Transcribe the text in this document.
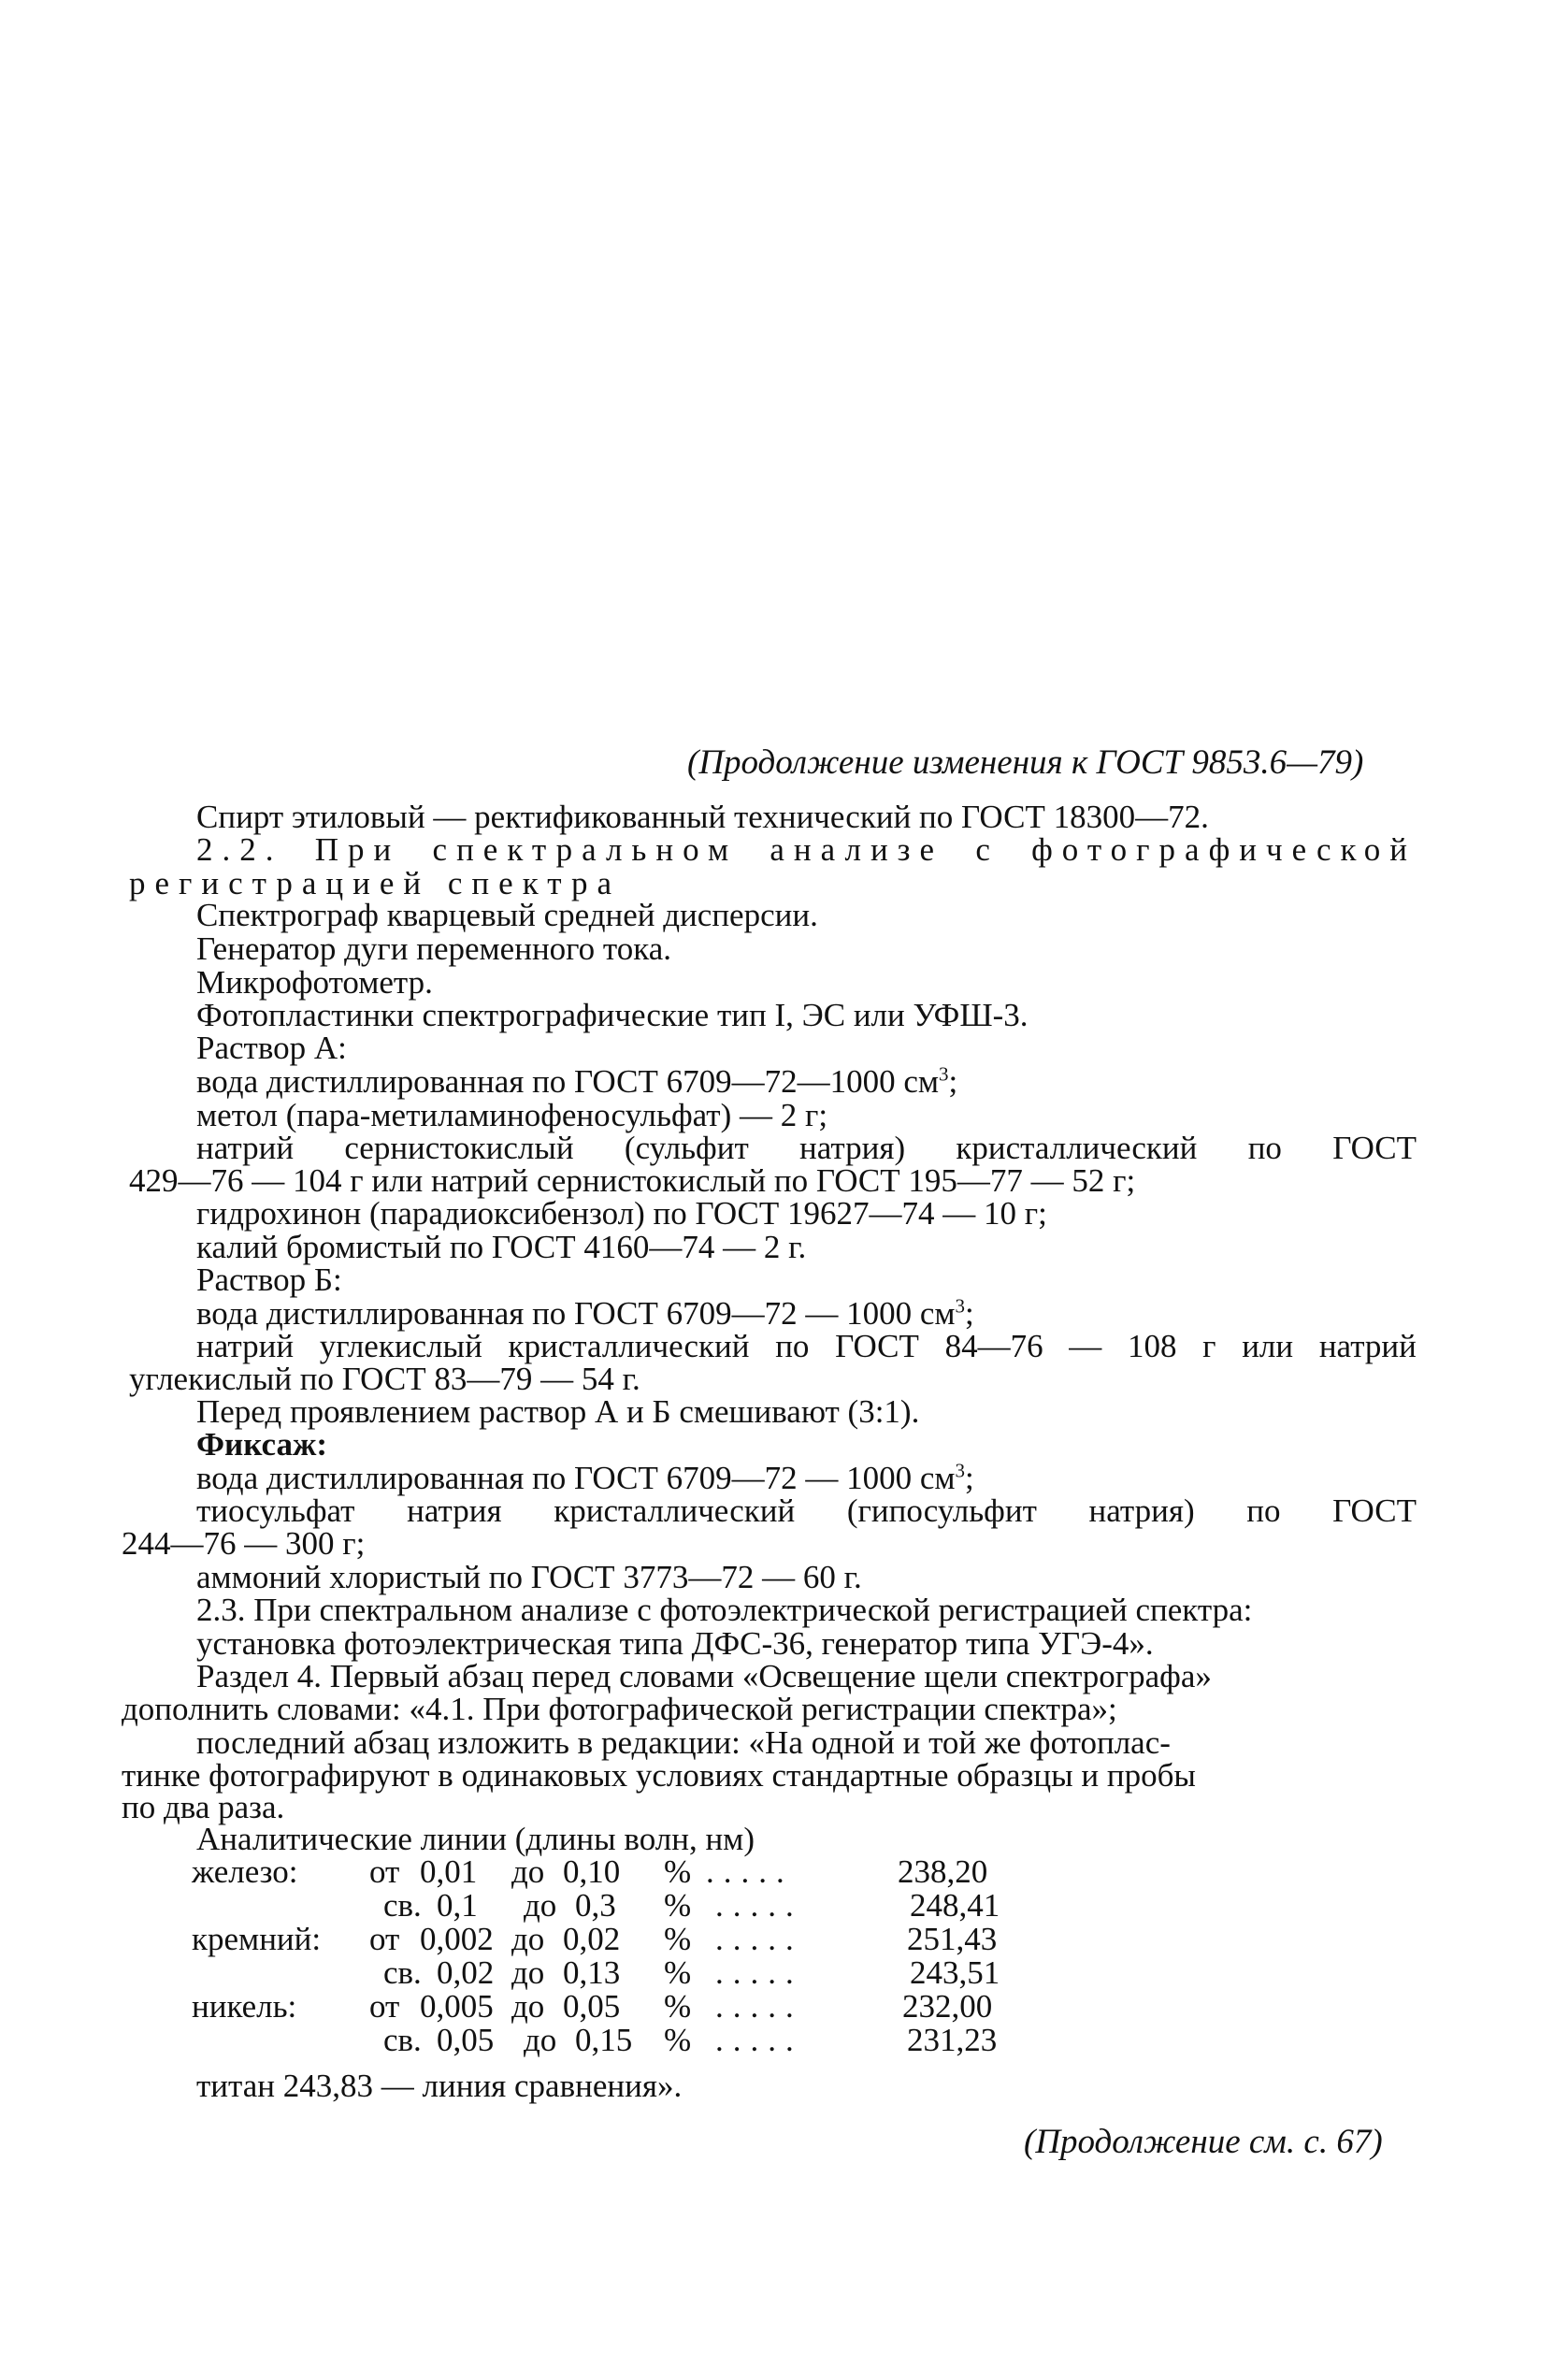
(Продолжение изменения к ГОСТ 9853.6—79)
Спирт этиловый — ректификованный технический по ГОСТ 18300—72.
2.2. При спектральном анализе с фотографической
регистрацией спектра
Спектрограф кварцевый средней дисперсии.
Генератор дуги переменного тока.
Микрофотометр.
Фотопластинки спектрографические тип I, ЭС или УФШ-3.
Раствор А:
вода дистиллированная по ГОСТ 6709—72—1000 $см^3$;
метол (пара-метиламинофеносульфат) — 2 г;
натрий сернистокислый (сульфит натрия) кристаллический по ГОСТ
429—76 — 104 г или натрий сернистокислый по ГОСТ 195—77 — 52 г;
гидрохинон (парадиоксибензол) по ГОСТ 19627—74 — 10 г;
калий бромистый по ГОСТ 4160—74 — 2 г.
Раствор Б:
вода дистиллированная по ГОСТ 6709—72 — 1000 $см^3$;
натрий углекислый кристаллический по ГОСТ 84—76 — 108 г или натрий
углекислый по ГОСТ 83—79 — 54 г.
Перед проявлением раствор А и Б смешивают (3:1).
Фиксаж:
вода дистиллированная по ГОСТ 6709—72 — 1000 $см^3$;
тиосульфат натрия кристаллический (гипосульфит натрия) по ГОСТ
244—76 — 300 г;
аммоний хлористый по ГОСТ 3773—72 — 60 г.
2.3. При спектральном анализе с фотоэлектрической регистрацией спектра:
установка фотоэлектрическая типа ДФС-36, генератор типа УГЭ-4».
Раздел 4. Первый абзац перед словами «Освещение щели спектрографа»
дополнить словами: «4.1. При фотографической регистрации спектра»;
последний абзац изложить в редакции: «На одной и той же фотоплас-
тинке фотографируют в одинаковых условиях стандартные образцы и пробы
по два раза.
Аналитические линии (длины волн, нм)
железо: от 0,01 до 0,10 % .....	238,20
св. 0,1 до 0,3 % .....	248,41
кремний: от 0,002 до 0,02 % .....	251,43
св. 0,02 до 0,13 % .....	243,51
никель: от 0,005 до 0,05 % .....	232,00
св. 0,05 до 0,15 % .....	231,23
титан 243,83 — линия сравнения».
(Продолжение см. с. 67)
